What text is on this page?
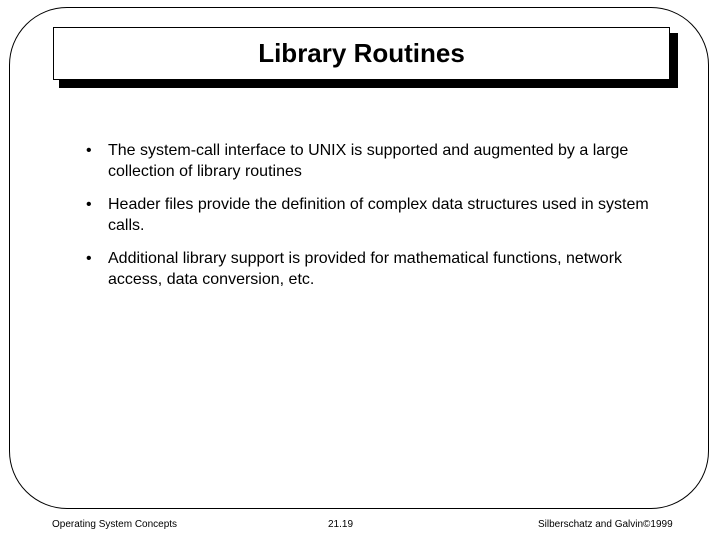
Library Routines
• The system-call interface to UNIX is supported and augmented by a large collection of library routines
• Header files provide the definition of complex data structures used in system calls.
• Additional library support is provided for mathematical functions, network access, data conversion, etc.
Operating System Concepts	21.19	Silberschatz and Galvin©1999
